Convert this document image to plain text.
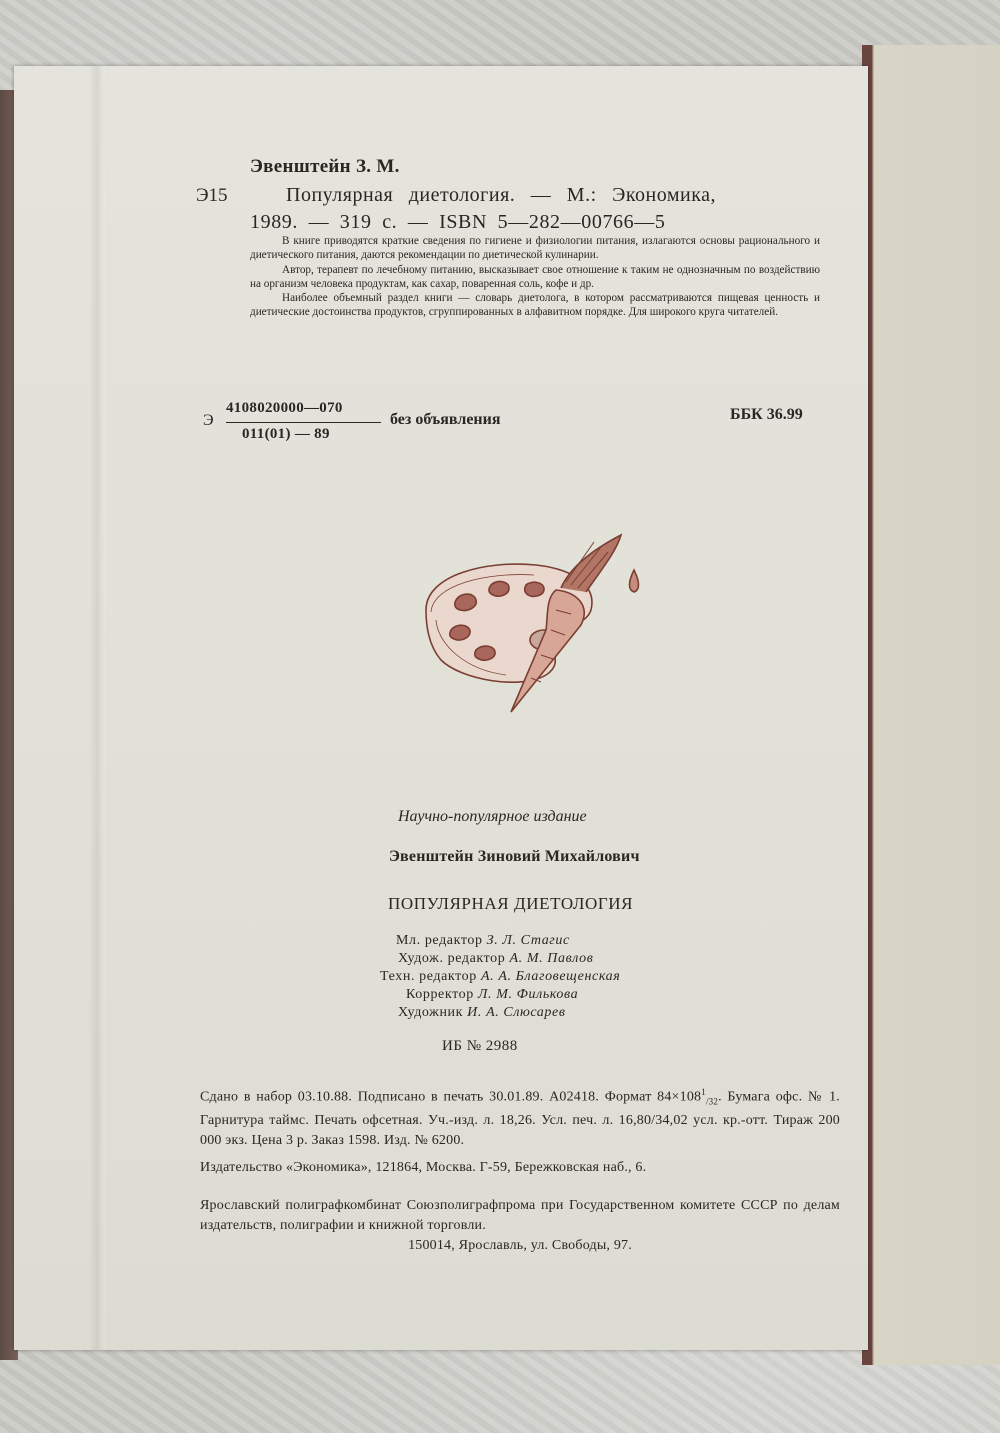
Эвенштейн З. М.
Э15	Популярная диетология. — М.: Экономика,
1989. — 319 с. — ISBN 5—282—00766—5

В книге приводятся краткие сведения по гигиене и физиологии питания, излагаются основы рационального и диетического питания, даются рекомендации по диетической кулинарии.

Автор, терапевт по лечебному питанию, высказывает свое отношение к таким не однозначным по воздействию на организм человека продуктам, как сахар, поваренная соль, кофе и др.

Наиболее объемный раздел книги — словарь диетолога, в котором рассматриваются пищевая ценность и диетические достоинства продуктов, сгруппированных в алфавитном порядке. Для широкого круга читателей.

Э
4108020000—070
011(01) — 89
без объявления	ББК 36.99
Научно-популярное издание
Эвенштейн Зиновий Михайлович
ПОПУЛЯРНАЯ ДИЕТОЛОГИЯ
Мл. редактор З. Л. Стагис
Худож. редактор А. М. Павлов
Техн. редактор А. А. Благовещенская
Корректор Л. М. Филькова
Художник И. А. Слюсарев
ИБ № 2988
Сдано в набор 03.10.88. Подписано в печать 30.01.89. А02418. Формат $84\times 108^1_{/32}$. Бумага офс. № 1. Гарнитура таймс. Печать офсетная. Уч.-изд. л. 18,26. Усл. печ. л. 16,80/34,02 усл. кр.-отт. Тираж 200 000 экз. Цена 3 р. Заказ 1598. Изд. № 6200.
Издательство «Экономика», 121864, Москва. Г-59, Бережковская наб., 6.

Ярославский полиграфкомбинат Союзполиграфпрома при Государственном комитете СССР по делам издательств, полиграфии и книжной торговли.

150014, Ярославль, ул. Свободы, 97.
